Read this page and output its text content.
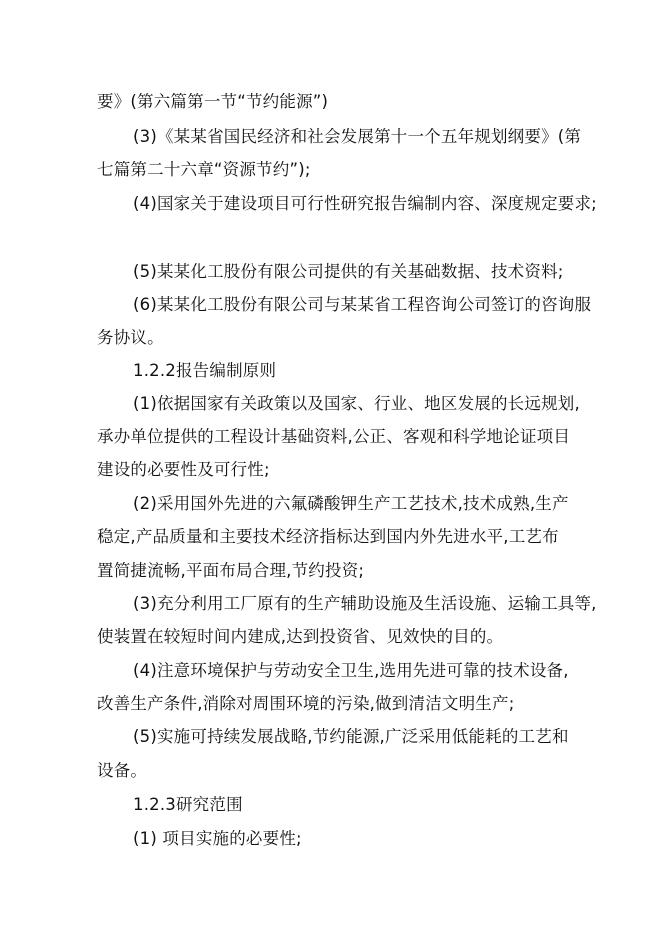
要》(第六篇第一节“节约能源”)
(3)《某某省国民经济和社会发展第十一个五年规划纲要》(第
七篇第二十六章“资源节约”);
(4)国家关于建设项目可行性研究报告编制内容、深度规定要求;
(5)某某化工股份有限公司提供的有关基础数据、技术资料;
(6)某某化工股份有限公司与某某省工程咨询公司签订的咨询服
务协议。
1.2.2报告编制原则
(1)依据国家有关政策以及国家、行业、地区发展的长远规划,
承办单位提供的工程设计基础资料,公正、客观和科学地论证项目
建设的必要性及可行性;
(2)采用国外先进的六氟磷酸钾生产工艺技术,技术成熟,生产
稳定,产品质量和主要技术经济指标达到国内外先进水平,工艺布
置简捷流畅,平面布局合理,节约投资;
(3)充分利用工厂原有的生产辅助设施及生活设施、运输工具等,
使装置在较短时间内建成,达到投资省、见效快的目的。
(4)注意环境保护与劳动安全卫生,选用先进可靠的技术设备,
改善生产条件,消除对周围环境的污染,做到清洁文明生产;
(5)实施可持续发展战略,节约能源,广泛采用低能耗的工艺和
设备。
1.2.3研究范围
(1) 项目实施的必要性;
